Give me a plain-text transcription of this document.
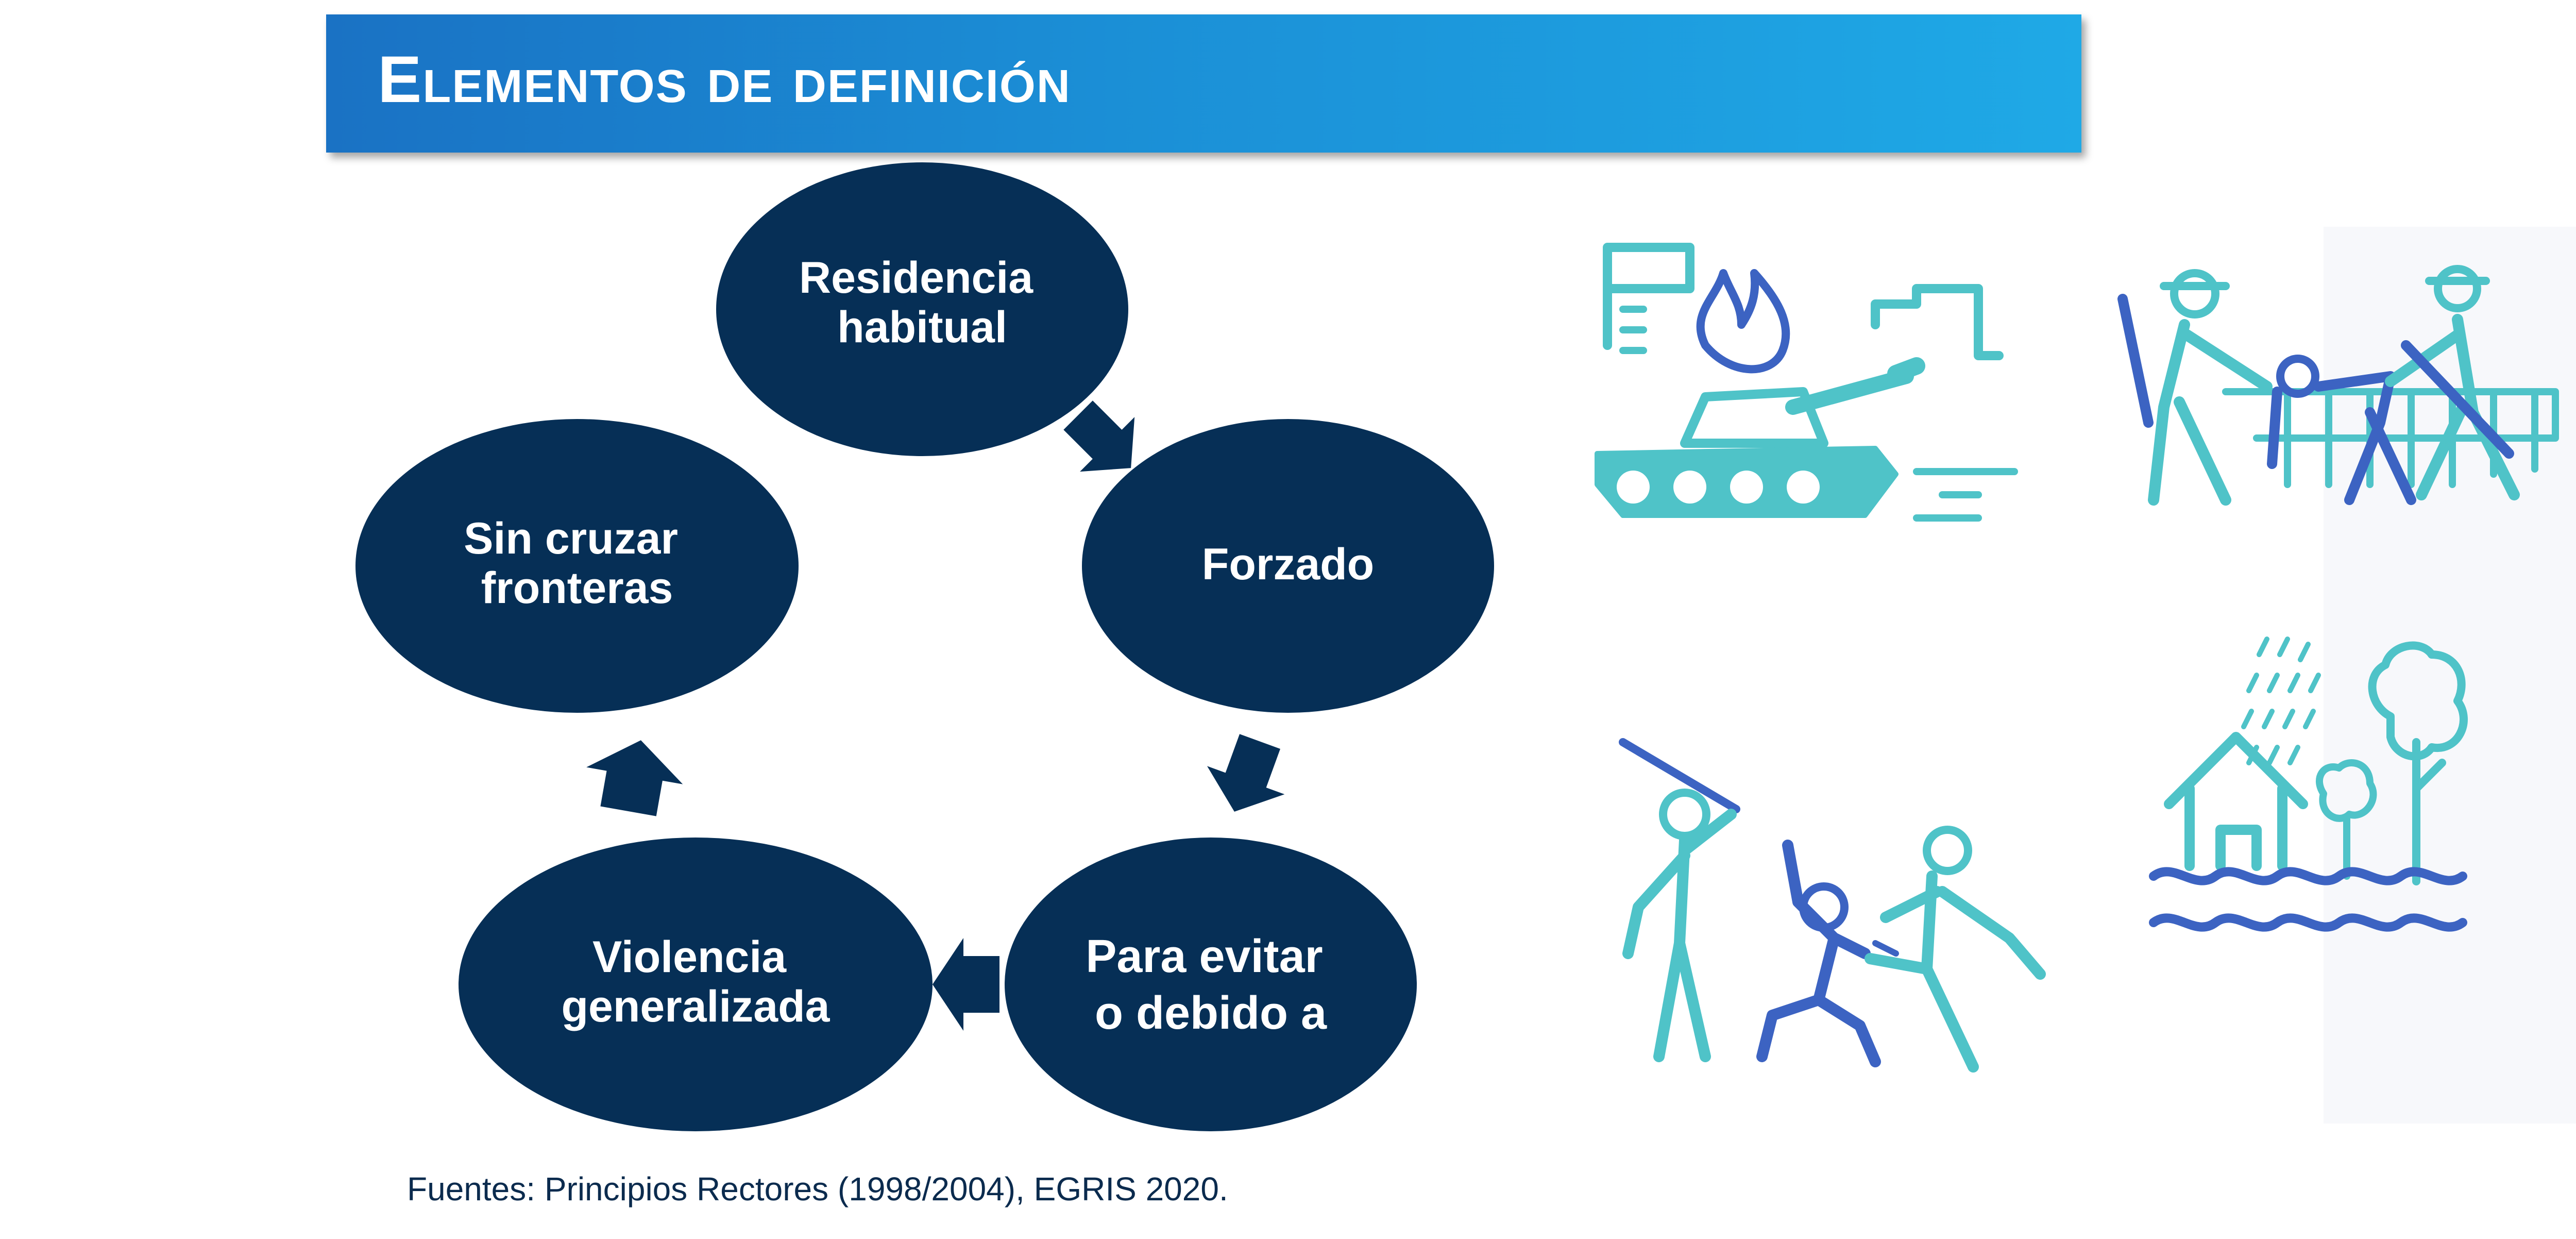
Elementos de definición
Residencia habitual
Forzado
Para evitar o debido a
Violencia generalizada
Sin cruzar fronteras
Fuentes: Principios Rectores (1998/2004), EGRIS 2020.
